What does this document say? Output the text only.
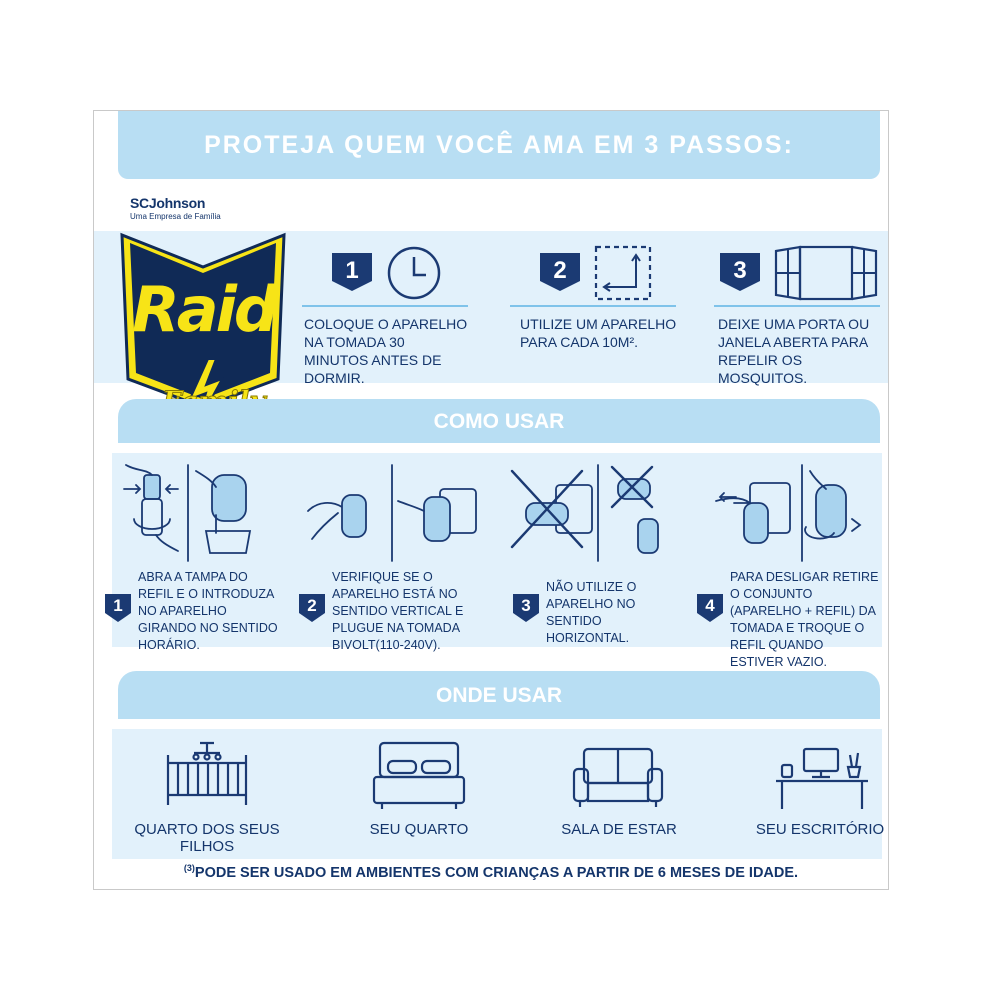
PROTEJA QUEM VOCÊ AMA EM 3 PASSOS:
SCJohnson
Uma Empresa de Família
Raid
1
COLOQUE O APARELHO NA TOMADA 30 MINUTOS ANTES DE DORMIR.
2
UTILIZE UM APARELHO PARA CADA 10M².
3
DEIXE UMA PORTA OU JANELA ABERTA PARA REPELIR OS MOSQUITOS.
COMO USAR
1
ABRA A TAMPA DO REFIL E O INTRODUZA NO APARELHO GIRANDO NO SENTIDO HORÁRIO.
2
VERIFIQUE SE O APARELHO ESTÁ NO SENTIDO VERTICAL E PLUGUE NA TOMADA BIVOLT(110-240V).
3
NÃO UTILIZE O APARELHO NO SENTIDO HORIZONTAL.
4
PARA DESLIGAR RETIRE O CONJUNTO (APARELHO + REFIL) DA TOMADA E TROQUE O REFIL QUANDO ESTIVER VAZIO.
ONDE USAR
QUARTO DOS SEUS FILHOS
SEU QUARTO	SALA DE ESTAR	SEU ESCRITÓRIO
$^{(3)}$PODE SER USADO EM AMBIENTES COM CRIANÇAS A PARTIR DE 6 MESES DE IDADE.
